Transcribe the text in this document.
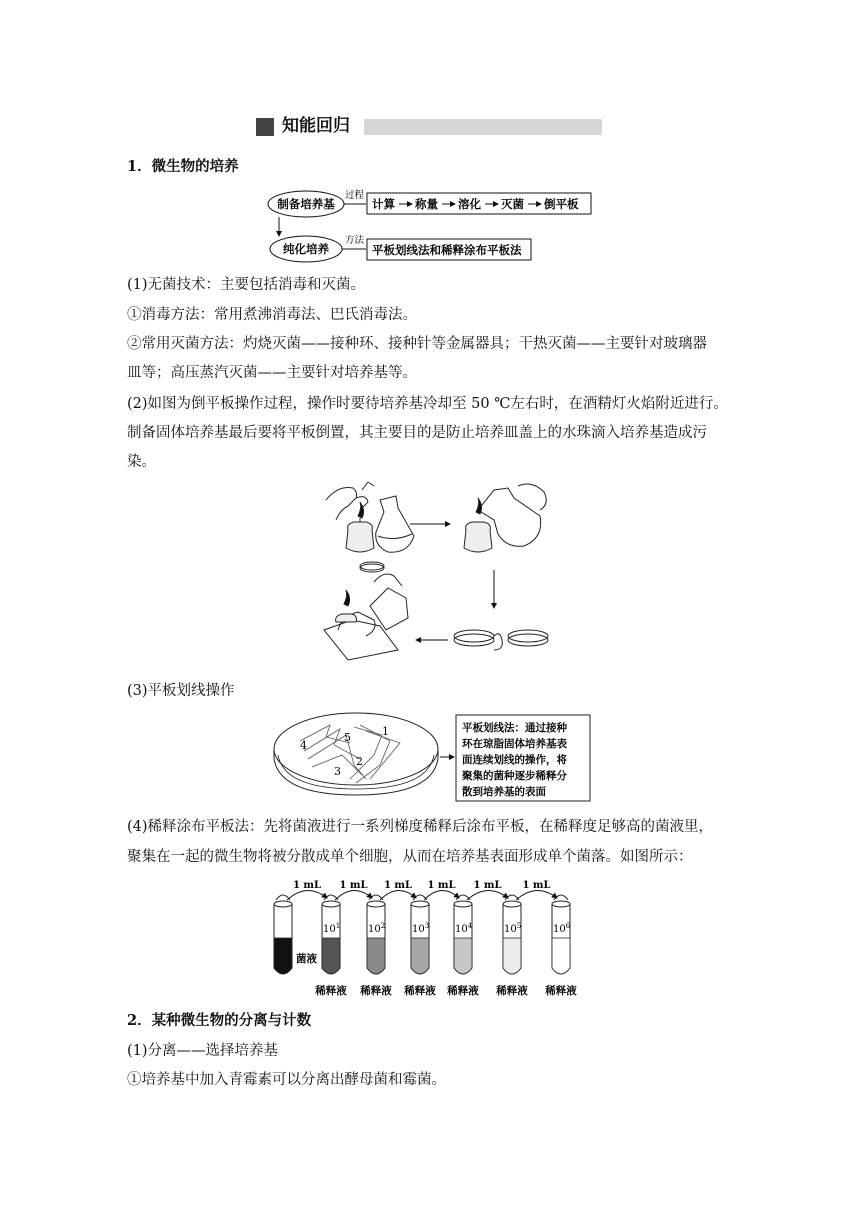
知能回归
1．微生物的培养
制备培养基
过程
计算 称量 溶化 灭菌 倒平板
纯化培养
方法
平板划线法和稀释涂布平板法
(1)无菌技术：主要包括消毒和灭菌。
①消毒方法：常用煮沸消毒法、巴氏消毒法。
②常用灭菌方法：灼烧灭菌——接种环、接种针等金属器具；干热灭菌——主要针对玻璃器
皿等；高压蒸汽灭菌——主要针对培养基等。
(2)如图为倒平板操作过程，操作时要待培养基冷却至 50 ℃左右时，在酒精灯火焰附近进行。
制备固体培养基最后要将平板倒置，其主要目的是防止培养皿盖上的水珠滴入培养基造成污
染。
(3)平板划线操作
1
2
3
4
5
平板划线法：通过接种
环在琼脂固体培养基表
面连续划线的操作，将
聚集的菌种逐步稀释分
散到培养基的表面
(4)稀释涂布平板法：先将菌液进行一系列梯度稀释后涂布平板，在稀释度足够高的菌液里，
聚集在一起的微生物将被分散成单个细胞，从而在培养基表面形成单个菌落。如图所示：
$10^1$
稀释液
$10^2$
稀释液
$10^3$
稀释液
$10^4$
稀释液
$10^5$
稀释液
$10^6$
稀释液
菌液
1 mL 1 mL 1 mL 1 mL 1 mL 1 mL
2．某种微生物的分离与计数
(1)分离——选择培养基
①培养基中加入青霉素可以分离出酵母菌和霉菌。
